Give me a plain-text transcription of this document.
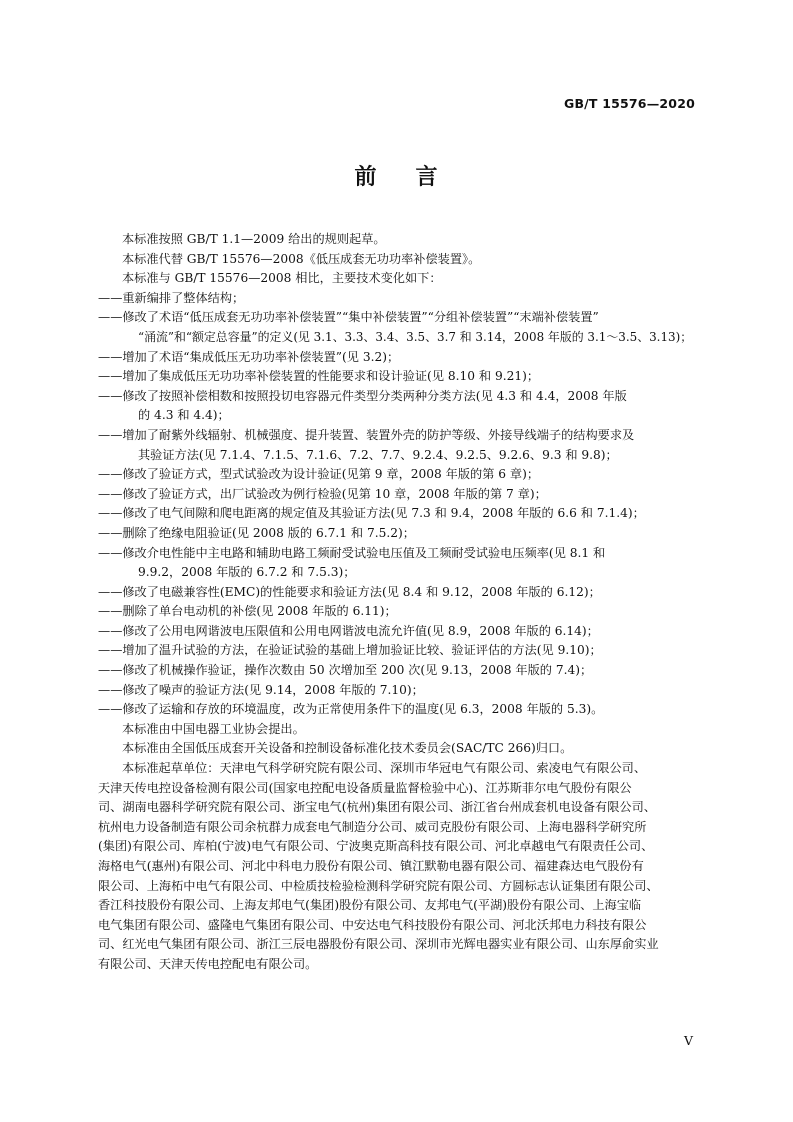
GB/T 15576—2020
前 言
本标准按照 GB/T 1.1—2009 给出的规则起草。
本标准代替 GB/T 15576—2008《低压成套无功功率补偿装置》。
本标准与 GB/T 15576—2008 相比，主要技术变化如下：
——重新编排了整体结构；
——修改了术语“低压成套无功功率补偿装置”“集中补偿装置”“分组补偿装置”“末端补偿装置”
“涌流”和“额定总容量”的定义(见 3.1、3.3、3.4、3.5、3.7 和 3.14，2008 年版的 3.1～3.5、3.13)；
——增加了术语“集成低压无功功率补偿装置”(见 3.2)；
——增加了集成低压无功功率补偿装置的性能要求和设计验证(见 8.10 和 9.21)；
——修改了按照补偿相数和按照投切电容器元件类型分类两种分类方法(见 4.3 和 4.4，2008 年版
的 4.3 和 4.4)；
——增加了耐紫外线辐射、机械强度、提升装置、装置外壳的防护等级、外接导线端子的结构要求及
其验证方法(见 7.1.4、7.1.5、7.1.6、7.2、7.7、9.2.4、9.2.5、9.2.6、9.3 和 9.8)；
——修改了验证方式，型式试验改为设计验证(见第 9 章，2008 年版的第 6 章)；
——修改了验证方式，出厂试验改为例行检验(见第 10 章，2008 年版的第 7 章)；
——修改了电气间隙和爬电距离的规定值及其验证方法(见 7.3 和 9.4，2008 年版的 6.6 和 7.1.4)；
——删除了绝缘电阻验证(见 2008 版的 6.7.1 和 7.5.2)；
——修改介电性能中主电路和辅助电路工频耐受试验电压值及工频耐受试验电压频率(见 8.1 和
9.9.2，2008 年版的 6.7.2 和 7.5.3)；
——修改了电磁兼容性(EMC)的性能要求和验证方法(见 8.4 和 9.12，2008 年版的 6.12)；
——删除了单台电动机的补偿(见 2008 年版的 6.11)；
——修改了公用电网谐波电压限值和公用电网谐波电流允许值(见 8.9，2008 年版的 6.14)；
——增加了温升试验的方法，在验证试验的基础上增加验证比较、验证评估的方法(见 9.10)；
——修改了机械操作验证，操作次数由 50 次增加至 200 次(见 9.13，2008 年版的 7.4)；
——修改了噪声的验证方法(见 9.14，2008 年版的 7.10)；
——修改了运输和存放的环境温度，改为正常使用条件下的温度(见 6.3，2008 年版的 5.3)。
本标准由中国电器工业协会提出。
本标准由全国低压成套开关设备和控制设备标准化技术委员会(SAC/TC 266)归口。
本标准起草单位：天津电气科学研究院有限公司、深圳市华冠电气有限公司、索凌电气有限公司、
天津天传电控设备检测有限公司(国家电控配电设备质量监督检验中心)、江苏斯菲尔电气股份有限公
司、湖南电器科学研究院有限公司、浙宝电气(杭州)集团有限公司、浙江省台州成套机电设备有限公司、
杭州电力设备制造有限公司余杭群力成套电气制造分公司、威司克股份有限公司、上海电器科学研究所
(集团)有限公司、库柏(宁波)电气有限公司、宁波奥克斯高科技有限公司、河北卓越电气有限责任公司、
海格电气(惠州)有限公司、河北中科电力股份有限公司、镇江默勒电器有限公司、福建森达电气股份有
限公司、上海柘中电气有限公司、中检质技检验检测科学研究院有限公司、方圆标志认证集团有限公司、
香江科技股份有限公司、上海友邦电气(集团)股份有限公司、友邦电气(平湖)股份有限公司、上海宝临
电气集团有限公司、盛隆电气集团有限公司、中安达电气科技股份有限公司、河北沃邦电力科技有限公
司、红光电气集团有限公司、浙江三辰电器股份有限公司、深圳市光辉电器实业有限公司、山东厚俞实业
有限公司、天津天传电控配电有限公司。
V
